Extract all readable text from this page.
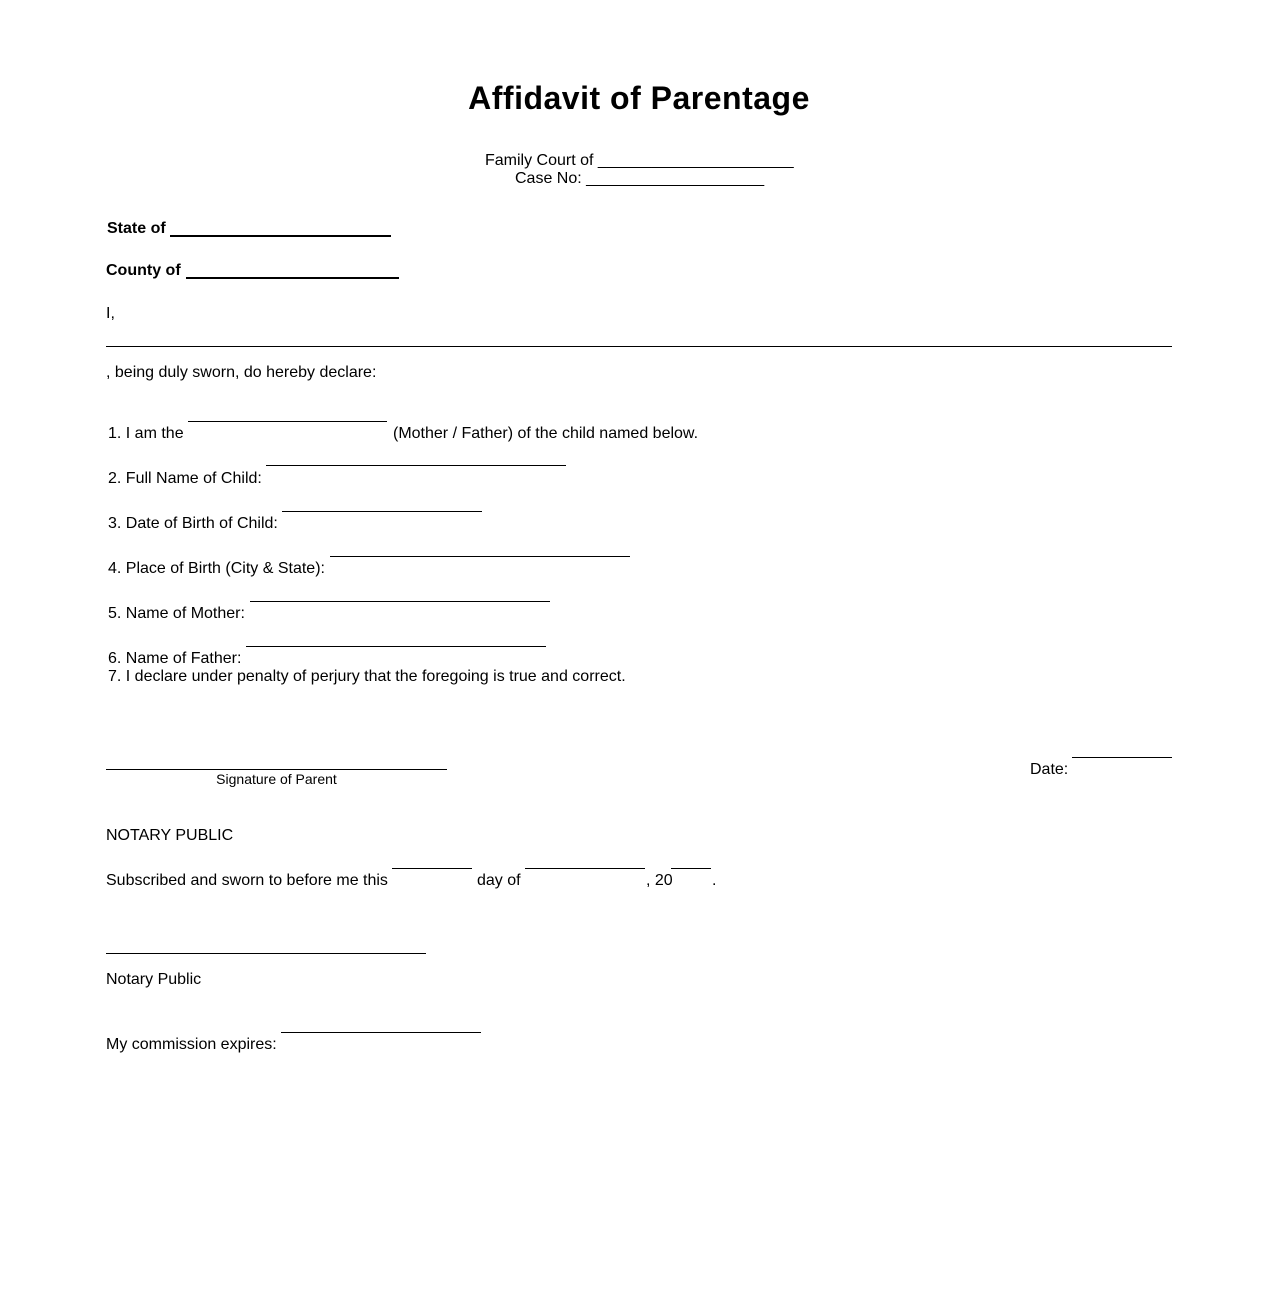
Affidavit of Parentage
Family Court of ______________________
Case No: ____________________
State of
County of
I,
, being duly sworn, do hereby declare:
1. I am the	(Mother / Father) of the child named below.
2. Full Name of Child:
3. Date of Birth of Child:
4. Place of Birth (City & State):
5. Name of Mother:
6. Name of Father:
7. I declare under penalty of perjury that the foregoing is true and correct.
Signature of Parent
Date:
NOTARY PUBLIC
Subscribed and sworn to before me this	day of	, 20 .
Notary Public
My commission expires:
